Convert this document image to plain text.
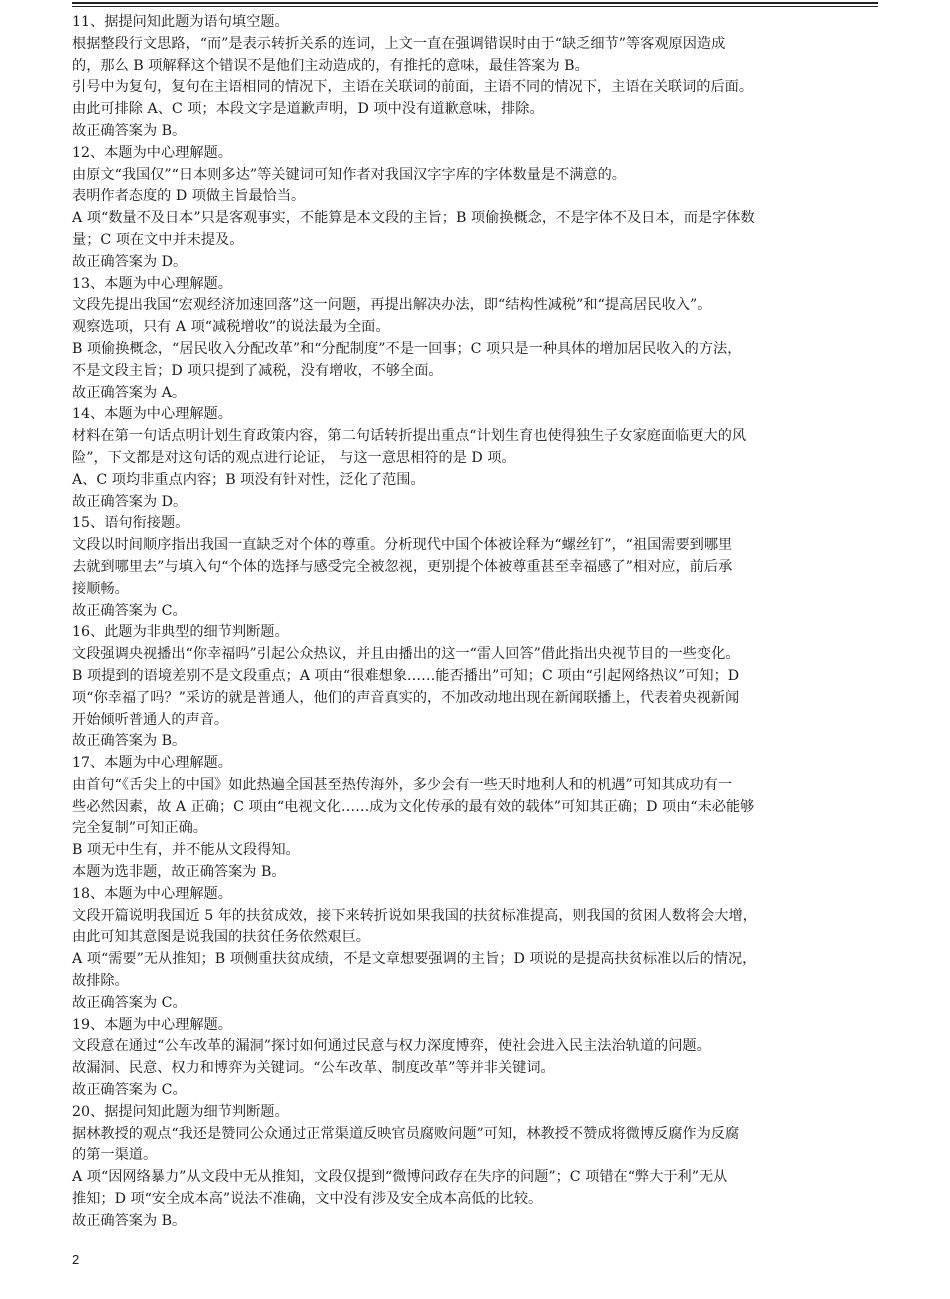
11、据提问知此题为语句填空题。
根据整段行文思路，“而”是表示转折关系的连词，上文一直在强调错误时由于“缺乏细节”等客观原因造成
的，那么 B 项解释这个错误不是他们主动造成的，有推托的意味，最佳答案为 B。
引号中为复句，复句在主语相同的情况下，主语在关联词的前面，主语不同的情况下，主语在关联词的后面。
由此可排除 A、C 项；本段文字是道歉声明，D 项中没有道歉意味，排除。
故正确答案为 B。
12、本题为中心理解题。
由原文“我国仅”“日本则多达”等关键词可知作者对我国汉字字库的字体数量是不满意的。
表明作者态度的 D 项做主旨最恰当。
A 项“数量不及日本”只是客观事实，不能算是本文段的主旨；B 项偷换概念，不是字体不及日本，而是字体数
量；C 项在文中并未提及。
故正确答案为 D。
13、本题为中心理解题。
文段先提出我国“宏观经济加速回落”这一问题，再提出解决办法，即“结构性减税”和“提高居民收入”。
观察选项，只有 A 项“减税增收”的说法最为全面。
B 项偷换概念，“居民收入分配改革”和“分配制度”不是一回事；C 项只是一种具体的增加居民收入的方法，
不是文段主旨；D 项只提到了减税，没有增收，不够全面。
故正确答案为 A。
14、本题为中心理解题。
材料在第一句话点明计划生育政策内容，第二句话转折提出重点“计划生育也使得独生子女家庭面临更大的风
险”，下文都是对这句话的观点进行论证， 与这一意思相符的是 D 项。
A、C 项均非重点内容；B 项没有针对性，泛化了范围。
故正确答案为 D。
15、语句衔接题。
文段以时间顺序指出我国一直缺乏对个体的尊重。分析现代中国个体被诠释为“螺丝钉”，“祖国需要到哪里
去就到哪里去”与填入句“个体的选择与感受完全被忽视，更别提个体被尊重甚至幸福感了”相对应，前后承
接顺畅。
故正确答案为 C。
16、此题为非典型的细节判断题。
文段强调央视播出“你幸福吗”引起公众热议，并且由播出的这一“雷人回答”借此指出央视节目的一些变化。
B 项提到的语境差别不是文段重点；A 项由“很难想象……能否播出”可知；C 项由“引起网络热议”可知；D
项“你幸福了吗？”采访的就是普通人，他们的声音真实的，不加改动地出现在新闻联播上，代表着央视新闻
开始倾听普通人的声音。
故正确答案为 B。
17、本题为中心理解题。
由首句“《舌尖上的中国》如此热遍全国甚至热传海外，多少会有一些天时地利人和的机遇”可知其成功有一
些必然因素，故 A 正确；C 项由“电视文化……成为文化传承的最有效的载体”可知其正确；D 项由“未必能够
完全复制”可知正确。
B 项无中生有，并不能从文段得知。
本题为选非题，故正确答案为 B。
18、本题为中心理解题。
文段开篇说明我国近 5 年的扶贫成效，接下来转折说如果我国的扶贫标准提高，则我国的贫困人数将会大增，
由此可知其意图是说我国的扶贫任务依然艰巨。
A 项“需要”无从推知；B 项侧重扶贫成绩，不是文章想要强调的主旨；D 项说的是提高扶贫标准以后的情况，
故排除。
故正确答案为 C。
19、本题为中心理解题。
文段意在通过“公车改革的漏洞”探讨如何通过民意与权力深度博弈，使社会进入民主法治轨道的问题。
故漏洞、民意、权力和博弈为关键词。“公车改革、制度改革”等并非关键词。
故正确答案为 C。
20、据提问知此题为细节判断题。
据林教授的观点“我还是赞同公众通过正常渠道反映官员腐败问题”可知，林教授不赞成将微博反腐作为反腐
的第一渠道。
A 项“因网络暴力”从文段中无从推知，文段仅提到“微博问政存在失序的问题”；C 项错在“弊大于利”无从
推知；D 项“安全成本高”说法不准确，文中没有涉及安全成本高低的比较。
故正确答案为 B。
2
